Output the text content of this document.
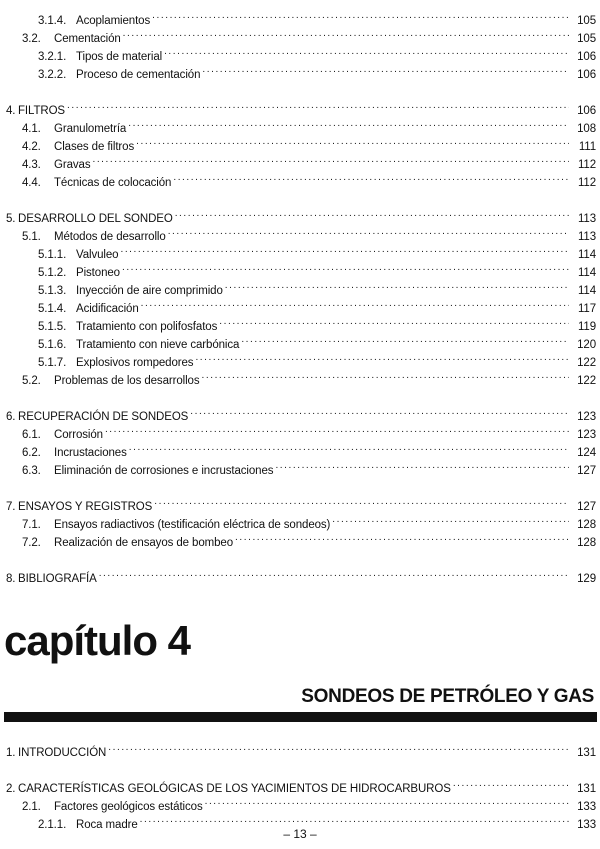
3.1.4. Acoplamientos . . .	105
3.2.	Cementación . . .	105
3.2.1. Tipos de material . . .	106
3.2.2. Proceso de cementación . . .	106
4. FILTROS . . .	106
4.1.	Granulometría . . .	108
4.2.	Clases de filtros . . .	111
4.3.	Gravas . . .	112
4.4.	Técnicas de colocación . . .	112
5. DESARROLLO DEL SONDEO . . .	113
5.1.	Métodos de desarrollo . . .	113
5.1.1. Valvuleo . . .	114
5.1.2. Pistoneo . . .	114
5.1.3. Inyección de aire comprimido . . .	114
5.1.4. Acidificación . . .	117
5.1.5. Tratamiento con polifosfatos . . .	119
5.1.6. Tratamiento con nieve carbónica . . .	120
5.1.7. Explosivos rompedores . . .	122
5.2.	Problemas de los desarrollos . . .	122
6. RECUPERACIÓN DE SONDEOS . . .	123
6.1.	Corrosión . . .	123
6.2.	Incrustaciones . . .	124
6.3.	Eliminación de corrosiones e incrustaciones . . .	127
7. ENSAYOS Y REGISTROS . . .	127
7.1.	Ensayos radiactivos (testificación eléctrica de sondeos) . . .	128
7.2.	Realización de ensayos de bombeo . . .	128
8. BIBLIOGRAFÍA . . .	129
capítulo 4
SONDEOS DE PETRÓLEO Y GAS
1. INTRODUCCIÓN . . .	131
2. CARACTERÍSTICAS GEOLÓGICAS DE LOS YACIMIENTOS DE HIDROCARBUROS . . .	131
2.1.	Factores geológicos estáticos . . .	133
2.1.1. Roca madre . . .	133
– 13 –
